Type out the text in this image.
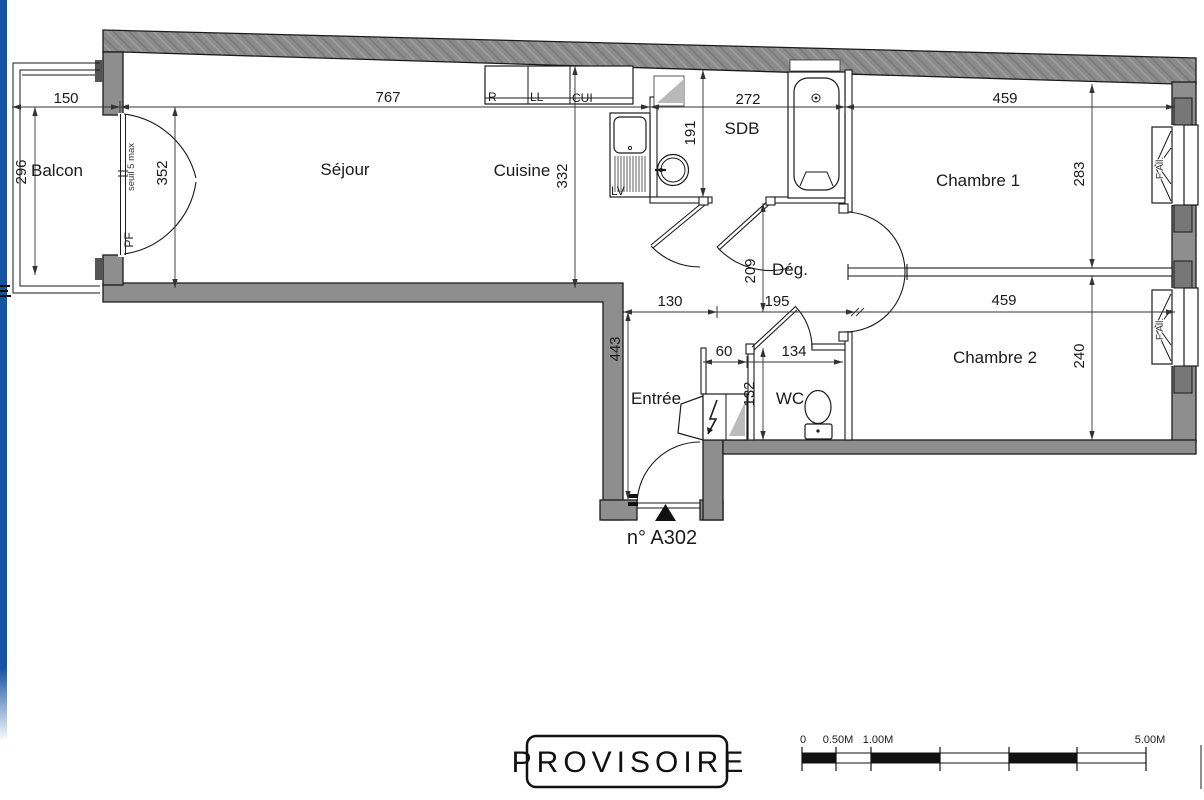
150	767	272	459
130	195	459
60	134
296	352	332
191
209
443
132
283
240
Balcon	Séjour	Cuisine
SDB
Dég.
Entrée	WC
Chambre 1
Chambre 2
R	LL CUI
LV
seuil 5 max
PF
F All.
F All.
n° A302
PROVISOIRE
0 0.50M 1.00M	5.00M
